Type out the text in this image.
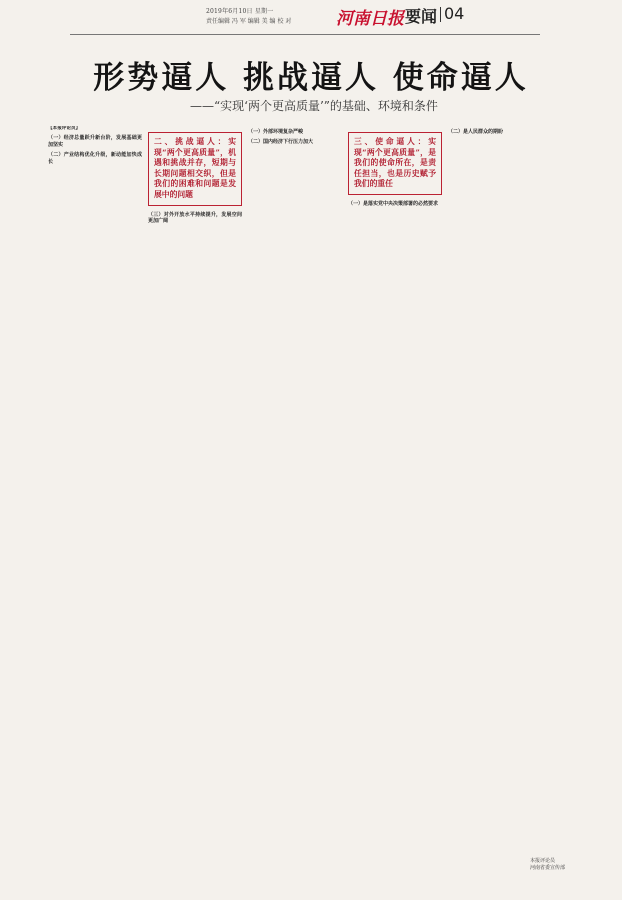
2019年6月10日 星期一
责任编辑 冯 军 编辑 美 编 校 对	河南日报 要闻 04
形势逼人 挑战逼人 使命逼人
——“实现‘两个更高质量’”的基础、环境和条件

【本报评论员】

（一）经济总量跃升新台阶，发展基础更加坚实
（二）产业结构优化升级，新动能加快成长
二、挑战逼人：实现“两个更高质量”，机遇和挑战并存，短期与长期问题相交织，但是我们的困难和问题是发展中的问题
（三）对外开放水平持续提升，发展空间更加广阔
（一）外部环境复杂严峻
（二）国内经济下行压力加大	三、使命逼人：实现“两个更高质量”，是我们的使命所在，是责任担当，也是历史赋予我们的重任
（一）是落实党中央决策部署的必然要求
（二）是人民群众的期盼
本报评论员
河南省委宣传部
